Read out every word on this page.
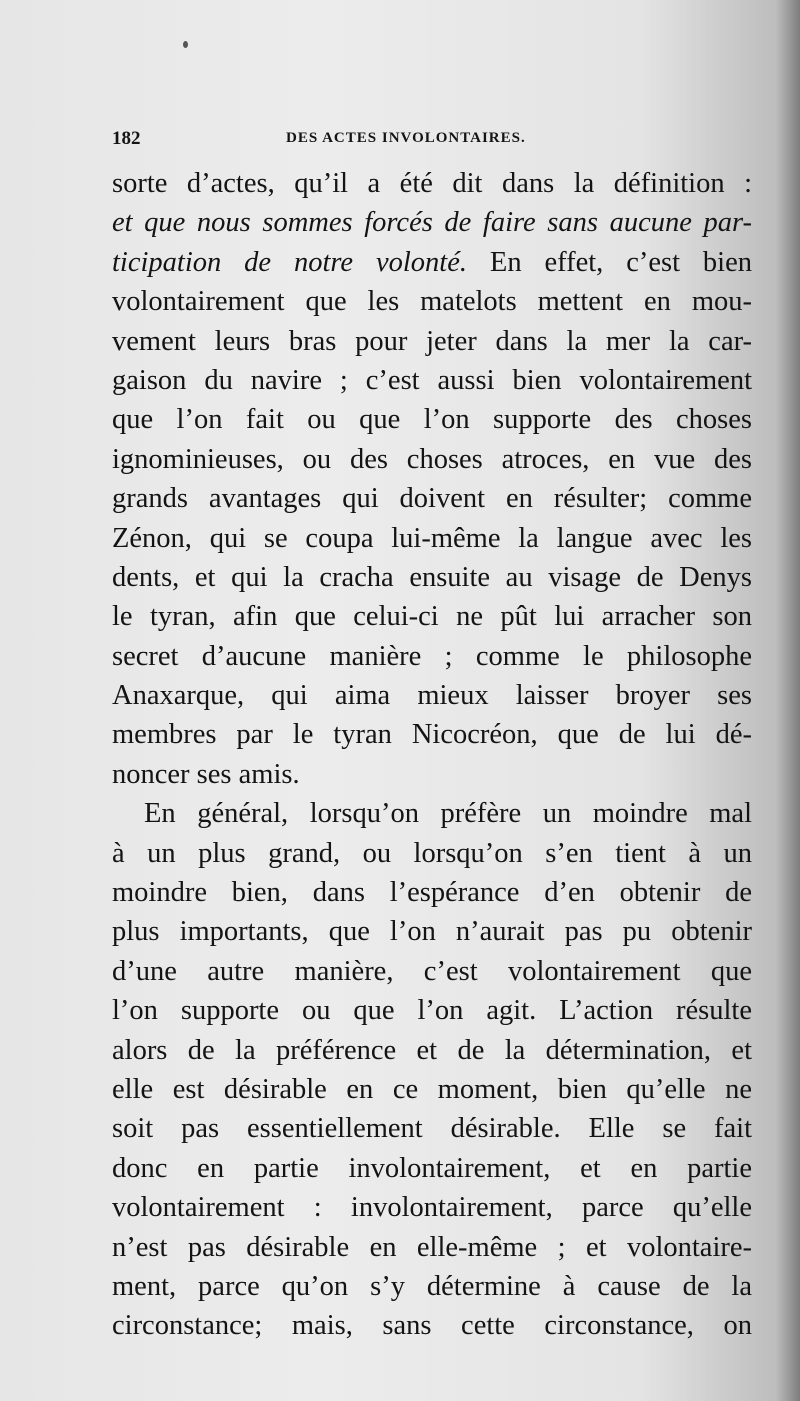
182	DES ACTES INVOLONTAIRES.
sorte d’actes, qu’il a été dit dans la définition :
et que nous sommes forcés de faire sans aucune par-
ticipation de notre volonté. En effet, c’est bien
volontairement que les matelots mettent en mou-
vement leurs bras pour jeter dans la mer la car-
gaison du navire ; c’est aussi bien volontairement
que l’on fait ou que l’on supporte des choses
ignominieuses, ou des choses atroces, en vue des
grands avantages qui doivent en résulter; comme
Zénon, qui se coupa lui-même la langue avec les
dents, et qui la cracha ensuite au visage de Denys
le tyran, afin que celui-ci ne pût lui arracher son
secret d’aucune manière ; comme le philosophe
Anaxarque, qui aima mieux laisser broyer ses
membres par le tyran Nicocréon, que de lui dé-
noncer ses amis.
En général, lorsqu’on préfère un moindre mal
à un plus grand, ou lorsqu’on s’en tient à un
moindre bien, dans l’espérance d’en obtenir de
plus importants, que l’on n’aurait pas pu obtenir
d’une autre manière, c’est volontairement que
l’on supporte ou que l’on agit. L’action résulte
alors de la préférence et de la détermination, et
elle est désirable en ce moment, bien qu’elle ne
soit pas essentiellement désirable. Elle se fait
donc en partie involontairement, et en partie
volontairement : involontairement, parce qu’elle
n’est pas désirable en elle-même ; et volontaire-
ment, parce qu’on s’y détermine à cause de la
circonstance; mais, sans cette circonstance, on
